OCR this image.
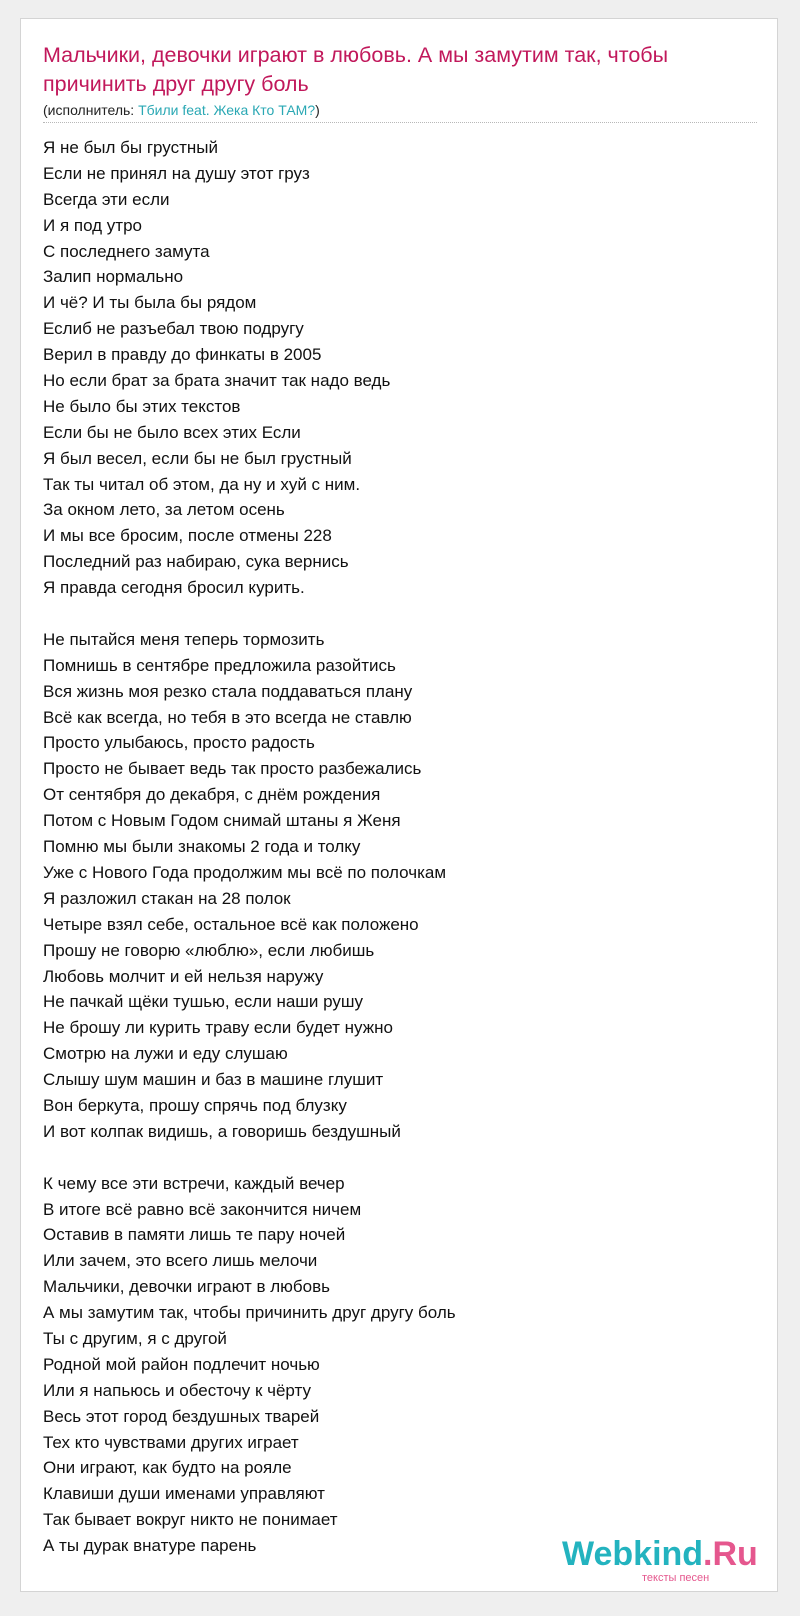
Мальчики, девочки играют в любовь. А мы замутим так, чтобы причинить друг другу боль
(исполнитель: Тбили feat. Жека Кто ТАМ?)
Я не был бы грустный
Если не принял на душу этот груз
Всегда эти если
И я под утро
С последнего замута
Залип нормально
И чё? И ты была бы рядом
Еслиб не разъебал твою подругу
Верил в правду до финкаты в 2005
Но если брат за брата значит так надо ведь
Не было бы этих текстов
Если бы не было всех этих Если
Я был весел, если бы не был грустный
Так ты читал об этом, да ну и хуй с ним.
За окном лето, за летом осень
И мы все бросим, после отмены 228
Последний раз набираю, сука вернись
Я правда сегодня бросил курить.
Не пытайся меня теперь тормозить
Помнишь в сентябре предложила разойтись
Вся жизнь моя резко стала поддаваться плану
Всё как всегда, но тебя в это всегда не ставлю
Просто улыбаюсь, просто радость
Просто не бывает ведь так просто разбежались
От сентября до декабря, с днём рождения
Потом с Новым Годом снимай штаны я Женя
Помню мы были знакомы 2 года и толку
Уже с Нового Года продолжим мы всё по полочкам
Я разложил стакан на 28 полок
Четыре взял себе, остальное всё как положено
Прошу не говорю «люблю», если любишь
Любовь молчит и ей нельзя наружу
Не пачкай щёки тушью, если наши рушу
Не брошу ли курить траву если будет нужно
Смотрю на лужи и еду слушаю
Слышу шум машин и баз в машине глушит
Вон беркута, прошу спрячь под блузку
И вот колпак видишь, а говоришь бездушный
К чему все эти встречи, каждый вечер
В итоге всё равно всё закончится ничем
Оставив в памяти лишь те пару ночей
Или зачем, это всего лишь мелочи
Мальчики, девочки играют в любовь
А мы замутим так, чтобы причинить друг другу боль
Ты с другим, я с другой
Родной мой район подлечит ночью
Или я напьюсь и обесточу к чёрту
Весь этот город бездушных тварей
Тех кто чувствами других играет
Они играют, как будто на рояле
Клавиши души именами управляют
Так бывает вокруг никто не понимает
А ты дурак внатуре парень	Webkind.Ru
тексты песен
